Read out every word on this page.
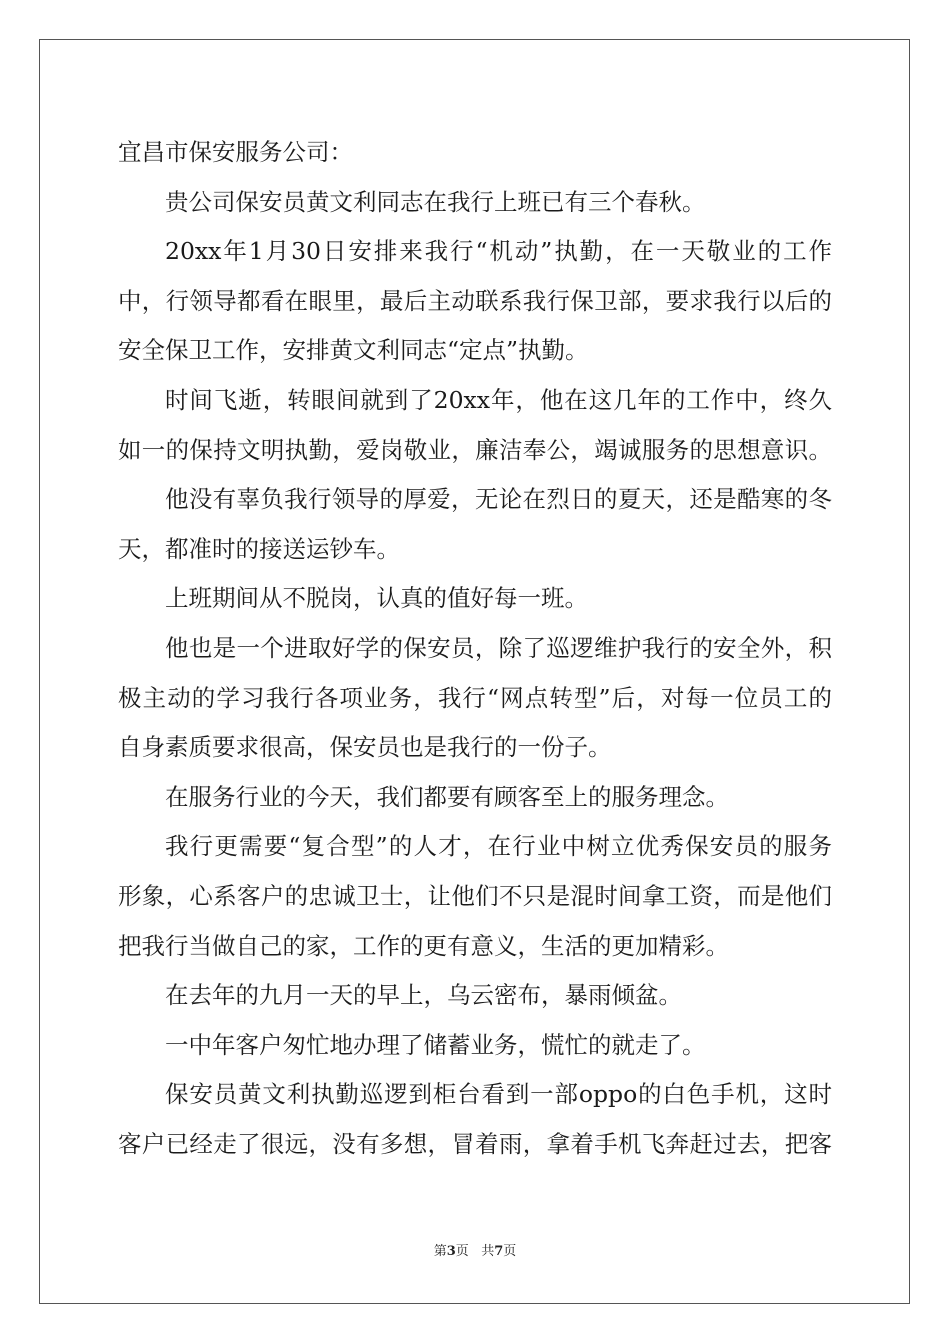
宜昌市保安服务公司：
贵公司保安员黄文利同志在我行上班已有三个春秋。
20xx年1月30日安排来我行“机动”执勤，在一天敬业的工作
中，行领导都看在眼里，最后主动联系我行保卫部，要求我行以后的
安全保卫工作，安排黄文利同志“定点”执勤。
时间飞逝，转眼间就到了20xx年，他在这几年的工作中，终久
如一的保持文明执勤，爱岗敬业，廉洁奉公，竭诚服务的思想意识。
他没有辜负我行领导的厚爱，无论在烈日的夏天，还是酷寒的冬
天，都准时的接送运钞车。
上班期间从不脱岗，认真的值好每一班。
他也是一个进取好学的保安员，除了巡逻维护我行的安全外，积
极主动的学习我行各项业务，我行“网点转型”后，对每一位员工的
自身素质要求很高，保安员也是我行的一份子。
在服务行业的今天，我们都要有顾客至上的服务理念。
我行更需要“复合型”的人才，在行业中树立优秀保安员的服务
形象，心系客户的忠诚卫士，让他们不只是混时间拿工资，而是他们
把我行当做自己的家，工作的更有意义，生活的更加精彩。
在去年的九月一天的早上，乌云密布，暴雨倾盆。
一中年客户匆忙地办理了储蓄业务，慌忙的就走了。
保安员黄文利执勤巡逻到柜台看到一部oppo的白色手机，这时
客户已经走了很远，没有多想，冒着雨，拿着手机飞奔赶过去，把客
第3页 共7页
